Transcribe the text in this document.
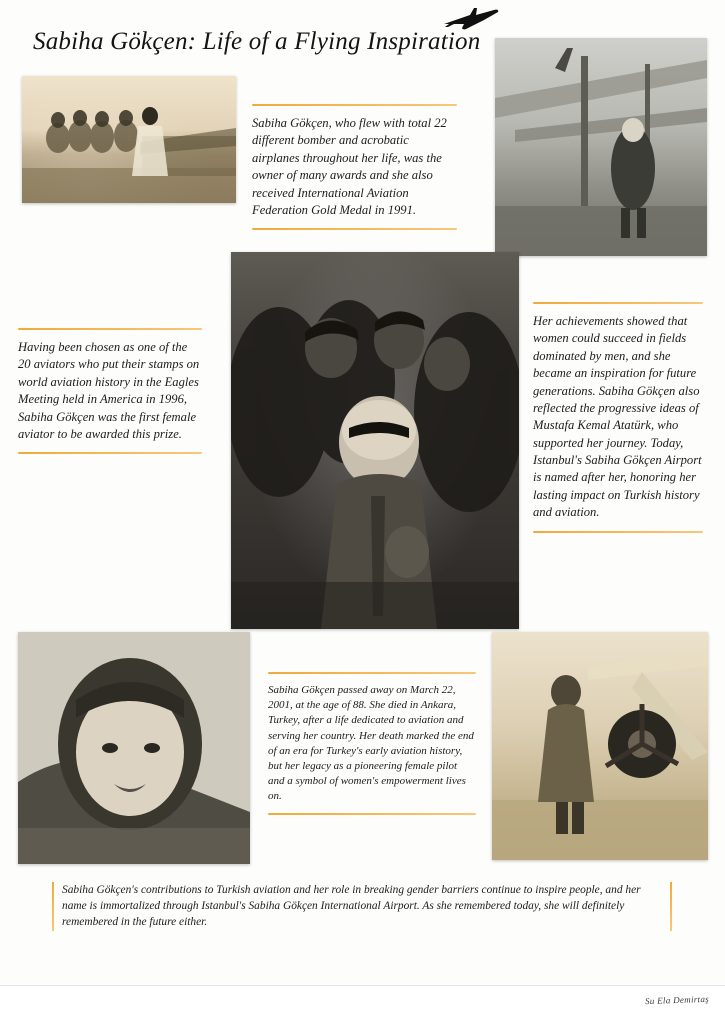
Sabiha Gökçen: Life of a Flying Inspiration
Sabiha Gökçen, who flew with total 22 different bomber and acrobatic airplanes throughout her life, was the owner of many awards and she also received International Aviation Federation Gold Medal in 1991.
Having been chosen as one of the 20 aviators who put their stamps on world aviation history in the Eagles Meeting held in America in 1996, Sabiha Gökçen was the first female aviator to be awarded this prize.
Her achievements showed that women could succeed in fields dominated by men, and she became an inspiration for future generations. Sabiha Gökçen also reflected the progressive ideas of Mustafa Kemal Atatürk, who supported her journey. Today, Istanbul's Sabiha Gökçen Airport is named after her, honoring her lasting impact on Turkish history and aviation.
Sabiha Gökçen passed away on March 22, 2001, at the age of 88. She died in Ankara, Turkey, after a life dedicated to aviation and serving her country. Her death marked the end of an era for Turkey's early aviation history, but her legacy as a pioneering female pilot and a symbol of women's empowerment lives on.
Sabiha Gökçen's contributions to Turkish aviation and her role in breaking gender barriers continue to inspire people, and her name is immortalized through Istanbul's Sabiha Gökçen International Airport. As she remembered today, she will definitely remembered in the future either.
Su Ela Demirtaş
